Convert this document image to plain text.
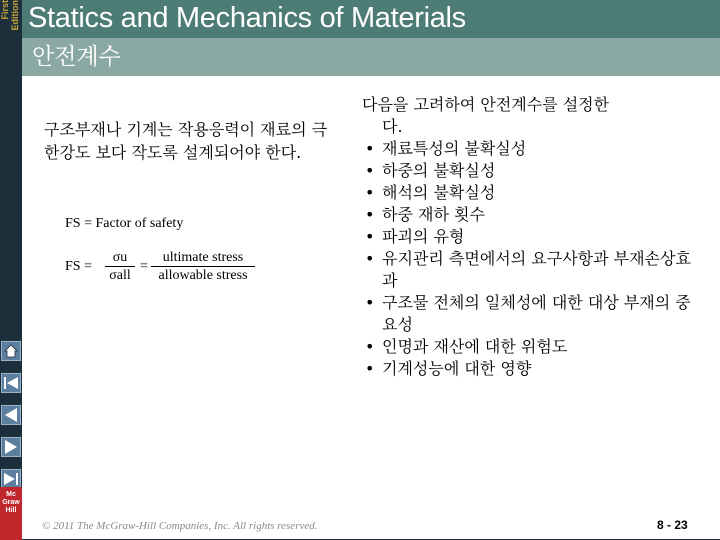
First Edition Statics and Mechanics of Materials
안전계수
구조부재나 기계는 작용응력이 재료의 극한강도 보다 작도록 설계되어야 한다.
FS = Factor of safety
FS =
σu
σall
=
ultimate stress
allowable stress
다음을 고려하여 안전계수를 설정한
다.
• 재료특성의 불확실성
• 하중의 불확실성
• 해석의 불확실성
• 하중 재하 횟수
• 파괴의 유형
• 유지관리 측면에서의 요구사항과 부재손상효과
• 구조물 전체의 일체성에 대한 대상 부재의 중요성
• 인명과 재산에 대한 위험도
• 기계성능에 대한 영향
Mc Graw Hill
© 2011 The McGraw-Hill Companies, Inc. All rights reserved.	8 - 23
